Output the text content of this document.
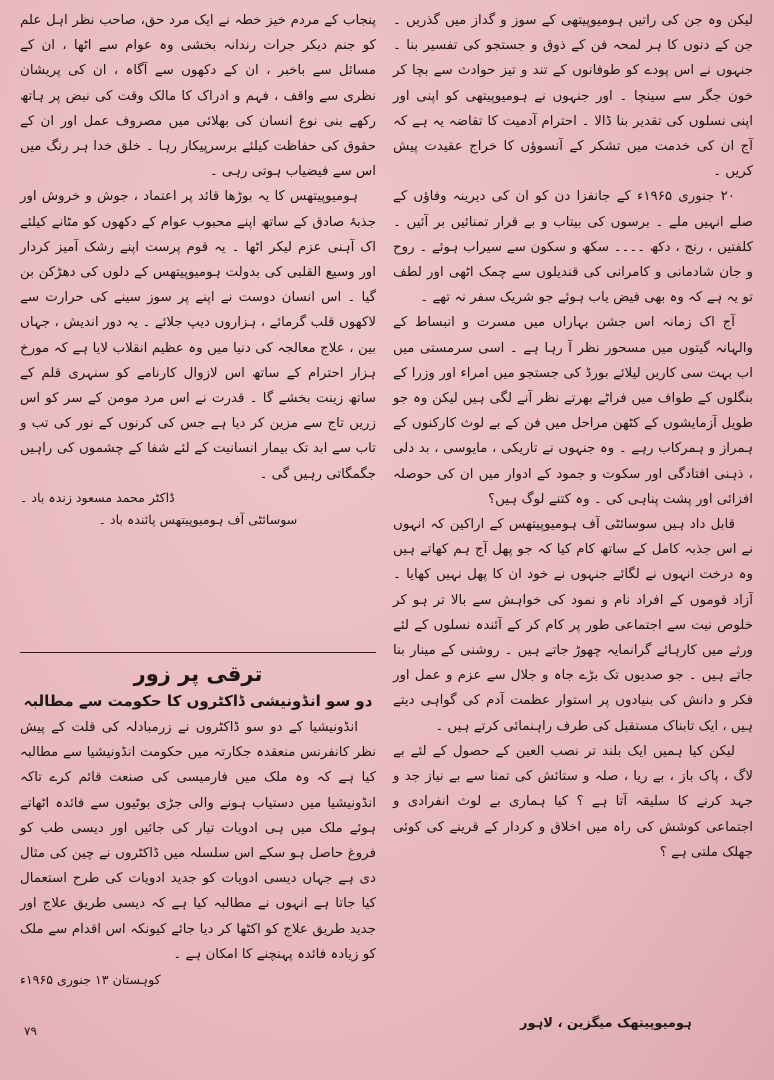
لیکن وہ جن کی راتیں ہومیوپیتھی کے سوز و گداز میں گذریں ۔ جن کے دنوں کا ہر لمحہ فن کے ذوق و جستجو کی تفسیر بنا ۔ جنہوں نے اس پودے کو طوفانوں کے تند و تیز حوادث سے بچا کر خون جگر سے سینچا ۔ اور جنہوں نے ہومیوپیتھی کو اپنی اور اپنی نسلوں کی تقدیر بنا ڈالا ۔ احترام آدمیت کا تقاضہ یہ ہے کہ آج ان کی خدمت میں تشکر کے آنسوؤں کا خراج عقیدت پیش کریں ۔

۲۰ جنوری ۱۹۶۵ء کے جانفزا دن کو ان کی دیرینہ وفاؤں کے صلے انہیں ملے ۔ برسوں کی بیتاب و بے قرار تمنائیں بر آئیں ۔ کلفتیں ، رنج ، دکھ ۔۔۔۔ سکھ و سکون سے سیراب ہوئے ۔ روح و جان شادمانی و کامرانی کی قندیلوں سے چمک اٹھی اور لطف تو یہ ہے کہ وہ بھی فیض یاب ہوئے جو شریک سفر نہ تھے ۔

آج اک زمانہ اس جشن بہاراں میں مسرت و انبساط کے والہانہ گیتوں میں مسحور نظر آ رہا ہے ۔ اسی سرمستی میں اب بہت سی کاریں لیلائے بورڈ کی جستجو میں امراء اور وزرا کے بنگلوں کے طواف میں فراٹے بھرتے نظر آنے لگی ہیں لیکن وہ جو طویل آزمایشوں کے کٹھن مراحل میں فن کے بے لوث کارکنوں کے ہمراز و ہمرکاب رہے ۔ وہ جنہوں نے تاریکی ، مایوسی ، بد دلی ، ذہنی افتادگی اور سکوت و جمود کے ادوار میں ان کی حوصلہ افزائی اور پشت پناہی کی ۔ وہ کتنے لوگ ہیں؟

قابل داد ہیں سوسائٹی آف ہومیوپیتھس کے اراکین کہ انہوں نے اس جذبہ کامل کے ساتھ کام کیا کہ جو پھل آج ہم کھاتے ہیں وہ درخت انہوں نے لگائے جنہوں نے خود ان کا پھل نہیں کھایا ۔ آزاد قوموں کے افراد نام و نمود کی خواہش سے بالا تر ہو کر خلوص نیت سے اجتماعی طور پر کام کر کے آئندہ نسلوں کے لئے ورثے میں کارہائے گرانمایہ چھوڑ جاتے ہیں ۔ روشنی کے مینار بنا جاتے ہیں ۔ جو صدیوں تک بڑے جاہ و جلال سے عزم و عمل اور فکر و دانش کی بنیادوں پر استوار عظمت آدم کی گواہی دیتے ہیں ، ایک تابناک مستقبل کی طرف راہنمائی کرتے ہیں ۔

لیکن کیا ہمیں ایک بلند تر نصب العین کے حصول کے لئے بے لاگ ، پاک باز ، بے ریا ، صلہ و ستائش کی تمنا سے بے نیاز جد و جہد کرنے کا سلیقہ آتا ہے ؟ کیا ہماری بے لوث انفرادی و اجتماعی کوشش کی راہ میں اخلاق و کردار کے قرینے کی کوئی جھلک ملتی ہے ؟

پنجاب کے مردم خیز خطہ نے ایک مرد حق، صاحب نظر اہل علم کو جنم دیکر جرات رندانہ بخشی وہ عوام سے اٹھا ، ان کے مسائل سے باخبر ، ان کے دکھوں سے آگاہ ، ان کی پریشان نظری سے واقف ، فہم و ادراک کا مالک وقت کی نبض پر ہاتھ رکھے بنی نوع انسان کی بھلائی میں مصروف عمل اور ان کے حقوق کی حفاظت کیلئے برسرپیکار رہا ۔ خلق خدا ہر رنگ میں اس سے فیضیاب ہوتی رہی ۔

ہومیوپیتھس کا یہ بوڑھا قائد پر اعتماد ، جوش و خروش اور جذبۂ صادق کے ساتھ اپنے محبوب عوام کے دکھوں کو مٹانے کیلئے اک آہنی عزم لیکر اٹھا ۔ یہ قوم پرست اپنے رشک آمیز کردار اور وسیع القلبی کی بدولت ہومیوپیتھس کے دلوں کی دھڑکن بن گیا ۔ اس انسان دوست نے اپنے پر سوز سینے کی حرارت سے لاکھوں قلب گرمائے ، ہزاروں دیپ جلائے ۔ یہ دور اندیش ، جہاں بین ، علاج معالجہ کی دنیا میں وہ عظیم انقلاب لایا ہے کہ مورخ ہزار احترام کے ساتھ اس لازوال کارنامے کو سنہری قلم کے ساتھ زینت بخشے گا ۔ قدرت نے اس مرد مومن کے سر کو اس زریں تاج سے مزین کر دیا ہے جس کی کرنوں کے نور کی تب و تاب سے ابد تک بیمار انسانیت کے لئے شفا کے چشموں کی راہیں جگمگاتی رہیں گی ۔

ڈاکٹر محمد مسعود زندہ باد ۔
سوسائٹی آف ہومیوپیتھس پائندہ باد ۔
ترقی پر زور
دو سو انڈونیشی ڈاکٹروں کا حکومت سے مطالبہ

انڈونیشیا کے دو سو ڈاکٹروں نے زرمبادلہ کی قلت کے پیش نظر کانفرنس منعقدہ جکارتہ میں حکومت انڈونیشیا سے مطالبہ کیا ہے کہ وہ ملک میں فارمیسی کی صنعت قائم کرے تاکہ انڈونیشیا میں دستیاب ہونے والی جڑی بوٹیوں سے فائدہ اٹھاتے ہوئے ملک میں ہی ادویات تیار کی جائیں اور دیسی طب کو فروغ حاصل ہو سکے اس سلسلہ میں ڈاکٹروں نے چین کی مثال دی ہے جہاں دیسی ادویات کو جدید ادویات کی طرح استعمال کیا جاتا ہے انہوں نے مطالبہ کیا ہے کہ دیسی طریق علاج اور جدید طریق علاج کو اکٹھا کر دیا جائے کیونکہ اس اقدام سے ملک کو زیادہ فائدہ پہنچنے کا امکان ہے ۔

کوہستان ۱۳ جنوری ۱۹۶۵ء
۷۹	ہومیوپیتھک میگزین ، لاہور
